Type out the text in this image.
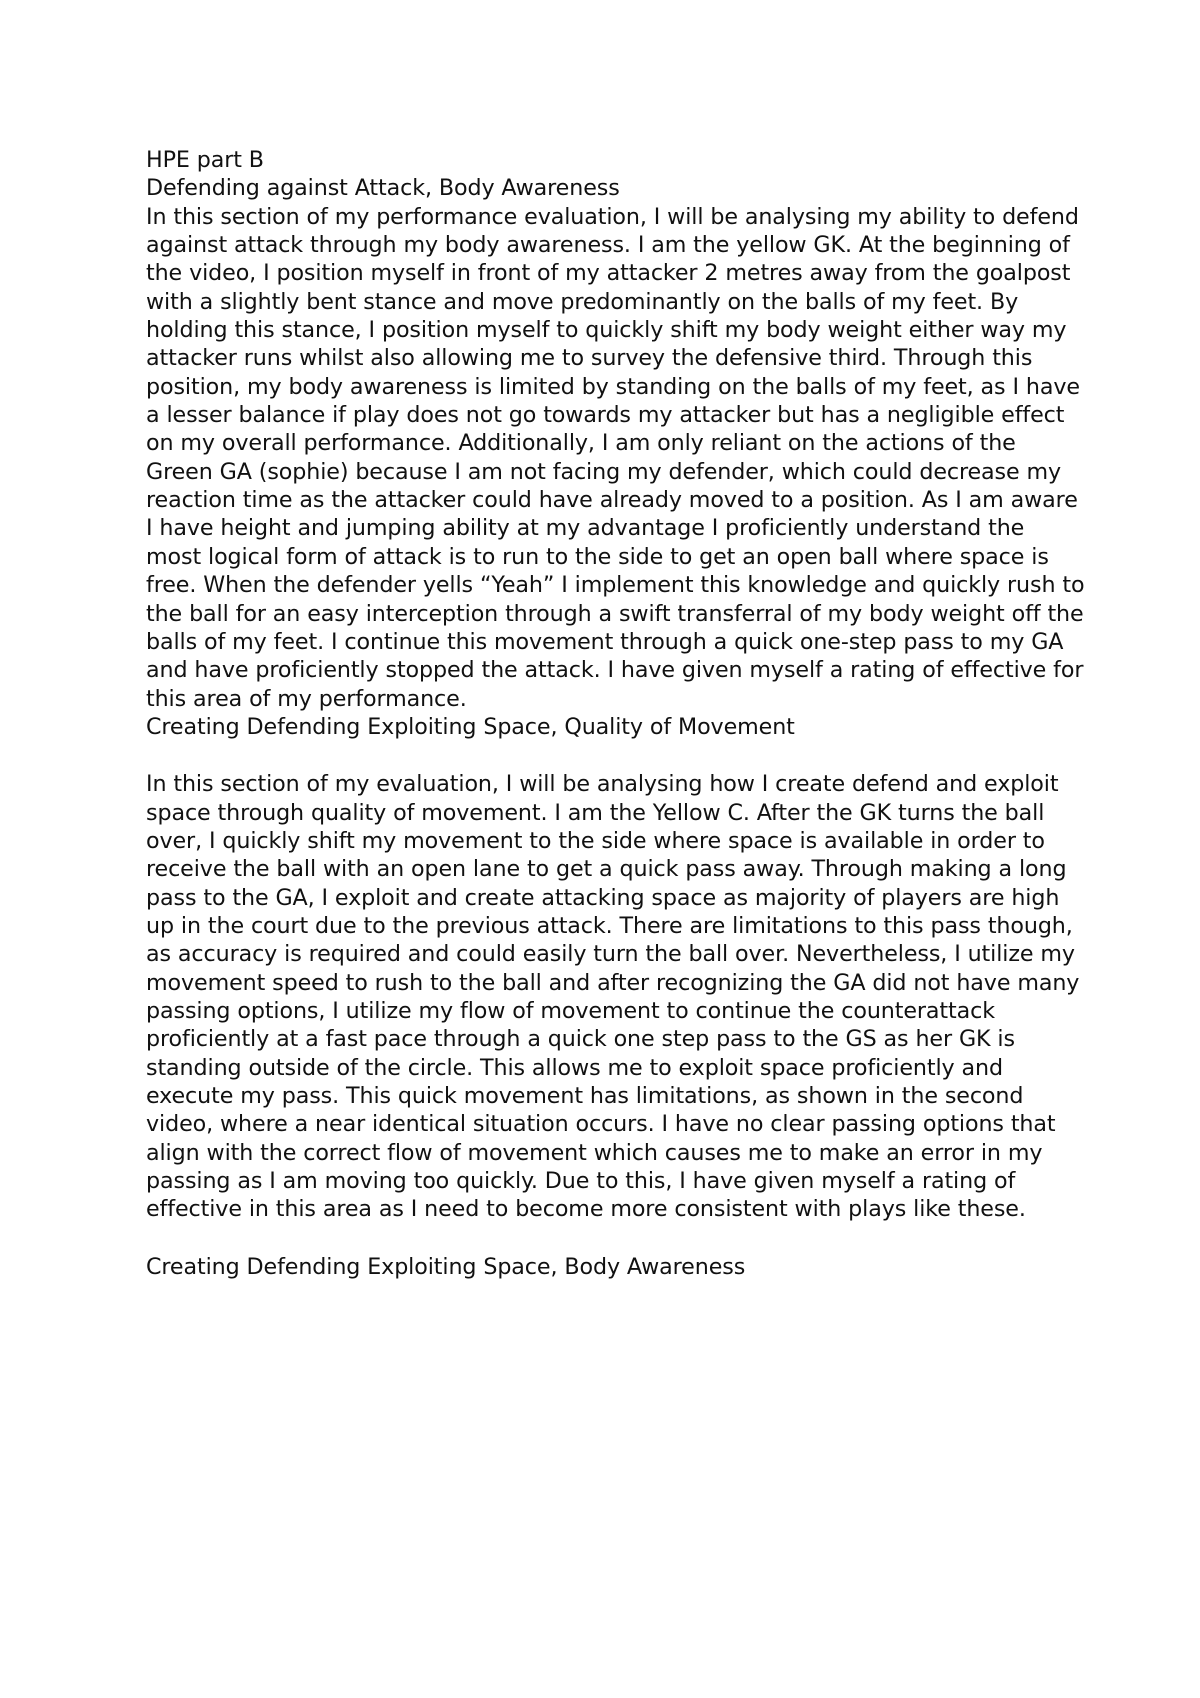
HPE part B

Defending against Attack, Body Awareness

In this section of my performance evaluation, I will be analysing my ability to defend against attack through my body awareness. I am the yellow GK. At the beginning of the video, I position myself in front of my attacker 2 metres away from the goalpost with a slightly bent stance and move predominantly on the balls of my feet. By holding this stance, I position myself to quickly shift my body weight either way my attacker runs whilst also allowing me to survey the defensive third. Through this position, my body awareness is limited by standing on the balls of my feet, as I have a lesser balance if play does not go towards my attacker but has a negligible effect on my overall performance. Additionally, I am only reliant on the actions of the Green GA (sophie) because I am not facing my defender, which could decrease my reaction time as the attacker could have already moved to a position. As I am aware I have height and jumping ability at my advantage I proficiently understand the most logical form of attack is to run to the side to get an open ball where space is free. When the defender yells “Yeah” I implement this knowledge and quickly rush to the ball for an easy interception through a swift transferral of my body weight off the balls of my feet. I continue this movement through a quick one-step pass to my GA and have proficiently stopped the attack. I have given myself a rating of effective for this area of my performance.

Creating Defending Exploiting Space, Quality of Movement

In this section of my evaluation, I will be analysing how I create defend and exploit space through quality of movement. I am the Yellow C. After the GK turns the ball over, I quickly shift my movement to the side where space is available in order to receive the ball with an open lane to get a quick pass away. Through making a long pass to the GA, I exploit and create attacking space as majority of players are high up in the court due to the previous attack. There are limitations to this pass though, as accuracy is required and could easily turn the ball over. Nevertheless, I utilize my movement speed to rush to the ball and after recognizing the GA did not have many passing options, I utilize my flow of movement to continue the counterattack proficiently at a fast pace through a quick one step pass to the GS as her GK is standing outside of the circle. This allows me to exploit space proficiently and execute my pass. This quick movement has limitations, as shown in the second video, where a near identical situation occurs. I have no clear passing options that align with the correct flow of movement which causes me to make an error in my passing as I am moving too quickly. Due to this, I have given myself a rating of effective in this area as I need to become more consistent with plays like these.

Creating Defending Exploiting Space, Body Awareness
